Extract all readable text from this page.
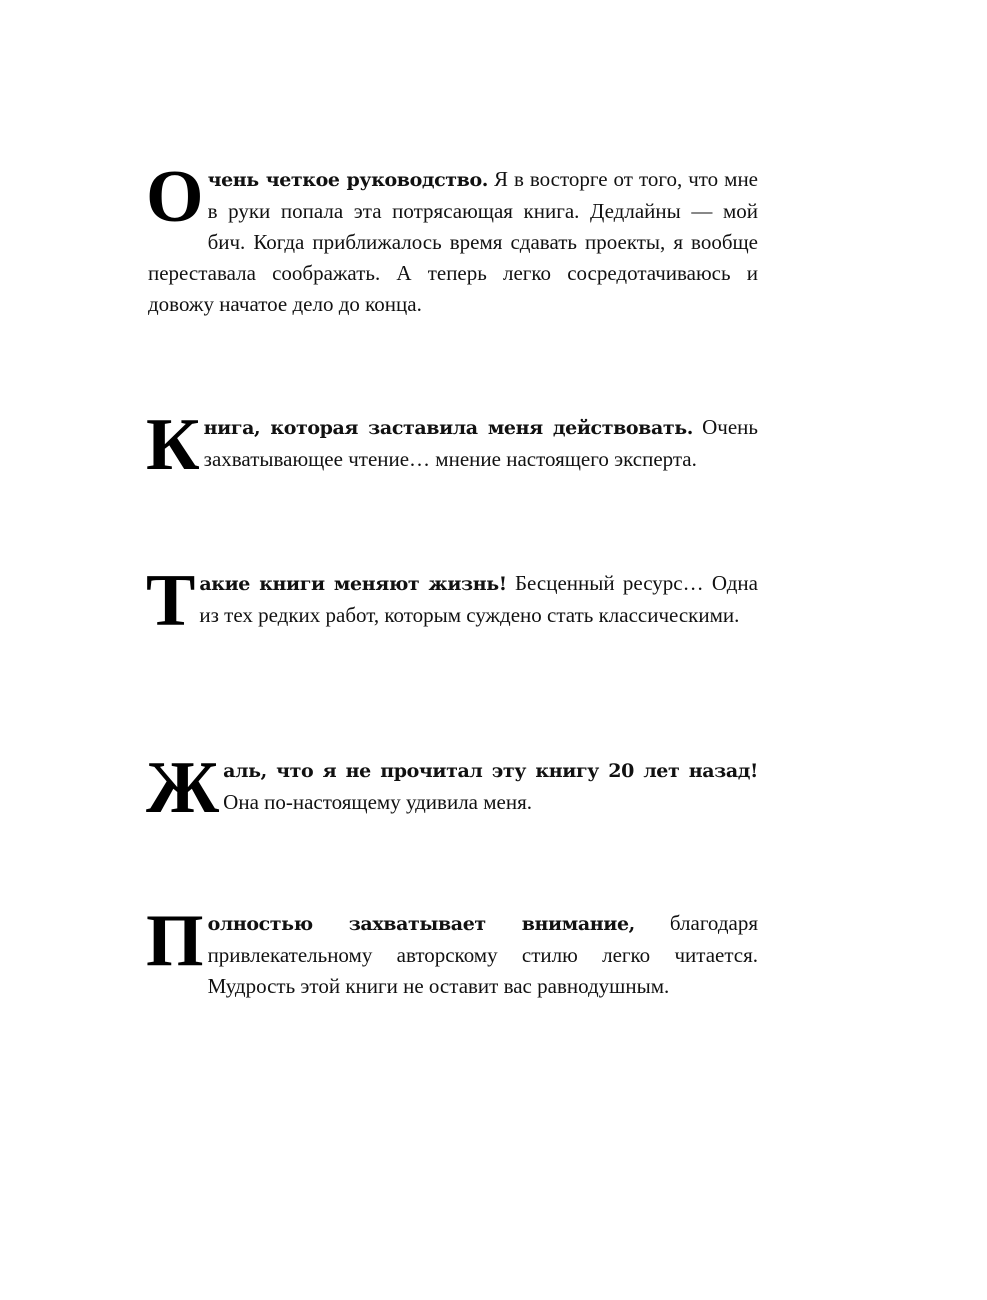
Очень четкое руководство. Я в восторге от того, что мне в руки попала эта потрясающая книга. Дедлайны — мой бич. Когда приближалось время сдавать проекты, я вообще переставала соображать. А теперь легко сосредотачиваюсь и довожу начатое дело до конца.

Книга, которая заставила меня действовать. Очень захватывающее чтение… мнение настоящего эксперта.

Такие книги меняют жизнь! Бесценный ресурс… Одна из тех редких работ, которым суждено стать классическими.

Жаль, что я не прочитал эту книгу 20 лет назад! Она по-настоящему удивила меня.

Полностью захватывает внимание, благодаря привлекательному авторскому стилю легко читается. Мудрость этой книги не оставит вас равнодушным.
